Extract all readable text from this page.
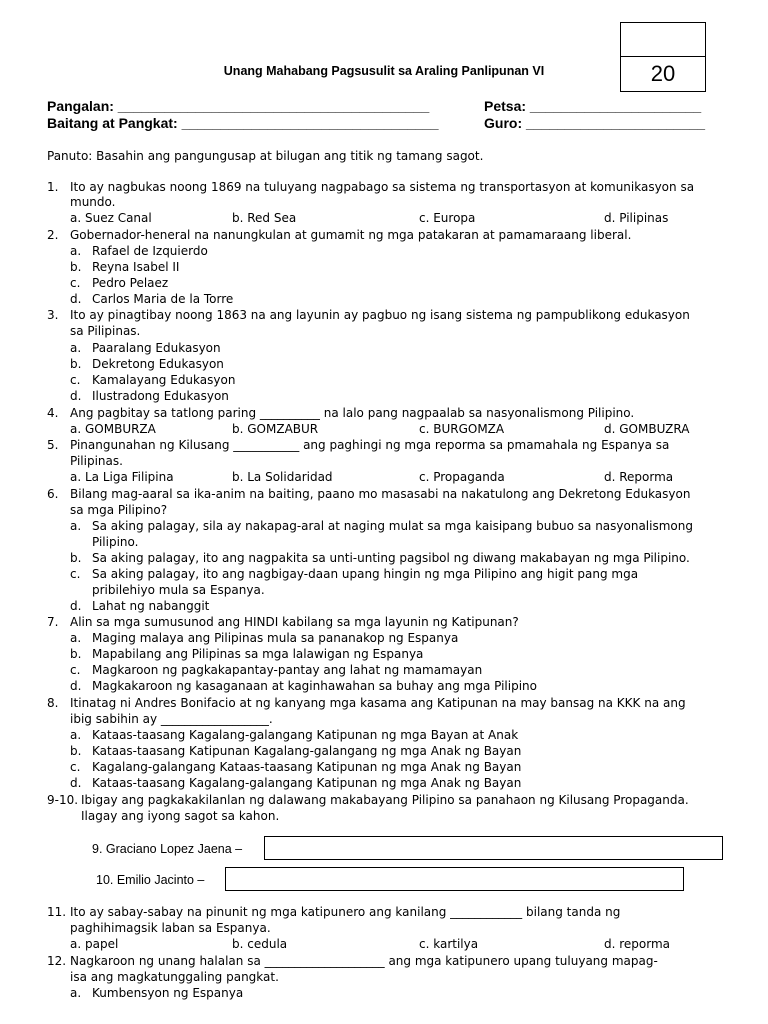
20
Unang Mahabang Pagsusulit sa Araling Panlipunan VI
Pangalan: ________________________________________	Petsa: ______________________
Baitang at Pangkat: _________________________________	Guro: _______________________
Panuto: Basahin ang pangungusap at bilugan ang titik ng tamang sagot.
1. Ito ay nagbukas noong 1869 na tuluyang nagpabago sa sistema ng transportasyon at komunikasyon sa
mundo.
a. Suez Canal	b. Red Sea	c. Europa	d. Pilipinas
2. Gobernador-heneral na nanungkulan at gumamit ng mga patakaran at pamamaraang liberal.
a. Rafael de Izquierdo
b. Reyna Isabel II
c. Pedro Pelaez
d. Carlos Maria de la Torre
3. Ito ay pinagtibay noong 1863 na ang layunin ay pagbuo ng isang sistema ng pampublikong edukasyon
sa Pilipinas.
a. Paaralang Edukasyon
b. Dekretong Edukasyon
c. Kamalayang Edukasyon
d. Ilustradong Edukasyon
4. Ang pagbitay sa tatlong paring __________ na lalo pang nagpaalab sa nasyonalismong Pilipino.
a. GOMBURZA	b. GOMZABUR	c. BURGOMZA	d. GOMBUZRA
5. Pinangunahan ng Kilusang ___________ ang paghingi ng mga reporma sa pmamahala ng Espanya sa
Pilipinas.
a. La Liga Filipina	b. La Solidaridad	c. Propaganda	d. Reporma
6. Bilang mag-aaral sa ika-anim na baiting, paano mo masasabi na nakatulong ang Dekretong Edukasyon
sa mga Pilipino?
a. Sa aking palagay, sila ay nakapag-aral at naging mulat sa mga kaisipang bubuo sa nasyonalismong
Pilipino.
b. Sa aking palagay, ito ang nagpakita sa unti-unting pagsibol ng diwang makabayan ng mga Pilipino.
c. Sa aking palagay, ito ang nagbigay-daan upang hingin ng mga Pilipino ang higit pang mga
pribilehiyo mula sa Espanya.
d. Lahat ng nabanggit
7. Alin sa mga sumusunod ang HINDI kabilang sa mga layunin ng Katipunan?
a. Maging malaya ang Pilipinas mula sa pananakop ng Espanya
b. Mapabilang ang Pilipinas sa mga lalawigan ng Espanya
c. Magkaroon ng pagkakapantay-pantay ang lahat ng mamamayan
d. Magkakaroon ng kasaganaan at kaginhawahan sa buhay ang mga Pilipino
8. Itinatag ni Andres Bonifacio at ng kanyang mga kasama ang Katipunan na may bansag na KKK na ang
ibig sabihin ay __________________.
a. Kataas-taasang Kagalang-galangang Katipunan ng mga Bayan at Anak
b. Kataas-taasang Katipunan Kagalang-galangang ng mga Anak ng Bayan
c. Kagalang-galangang Kataas-taasang Katipunan ng mga Anak ng Bayan
d. Kataas-taasang Kagalang-galangang Katipunan ng mga Anak ng Bayan
9-10. Ibigay ang pagkakakilanlan ng dalawang makabayang Pilipino sa panahaon ng Kilusang Propaganda.
Ilagay ang iyong sagot sa kahon.
9. Graciano Lopez Jaena –
10. Emilio Jacinto –
11. Ito ay sabay-sabay na pinunit ng mga katipunero ang kanilang ____________ bilang tanda ng
paghihimagsik laban sa Espanya.
a. papel	b. cedula	c. kartilya	d. reporma
12. Nagkaroon ng unang halalan sa ____________________ ang mga katipunero upang tuluyang mapag-
isa ang magkatunggaling pangkat.
a. Kumbensyon ng Espanya
